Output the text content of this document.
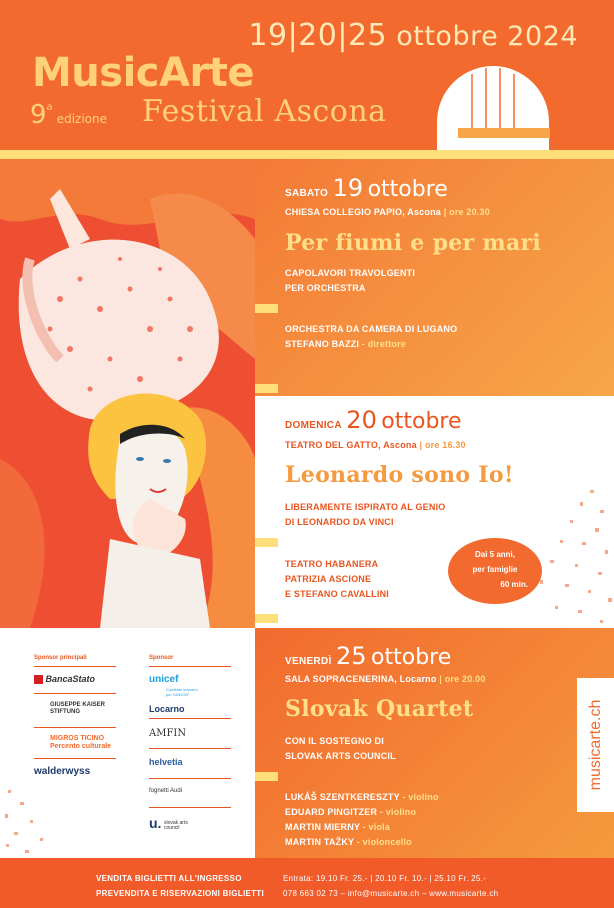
19|20|25 ottobre 2024
MusicArte
9$^a$edizione Festival Ascona
SABATO 19 ottobre
CHIESA COLLEGIO PAPIO, Ascona | ore 20.30
Per fiumi e per mari
CAPOLAVORI TRAVOLGENTI
PER ORCHESTRA
ORCHESTRA DA CAMERA DI LUGANO
STEFANO BAZZI - direttore
DOMENICA 20 ottobre
TEATRO DEL GATTO, Ascona | ore 16.30
Leonardo sono Io!
LIBERAMENTE ISPIRATO AL GENIO
DI LEONARDO DA VINCI
TEATRO HABANERA
PATRIZIA ASCIONE
E STEFANO CAVALLINI
Dai 5 anni,
per famiglie
60 min.
VENERDÌ 25 ottobre
SALA SOPRACENERINA, Locarno | ore 20.00
Slovak Quartet
CON IL SOSTEGNO DI
SLOVAK ARTS COUNCIL
LUKÁŠ SZENTKERESZTY - violino
EDUARD PINGITZER - violino
MARTIN MIERNY - viola
MARTIN TAŽKY - violoncello
musicarte.ch
Sponsor principali	Sponsor
BancaStato
GIUSEPPE KAISER STIFTUNG
MIGROS TICINO Percento culturale
walderwyss
unicef
Comitato svizzero per l'UNICEF
Locarno
AMFIN
helvetia
fognetti Audi
u. slovak arts council
VENDITA BIGLIETTI ALL'INGRESSO
PREVENDITA E RISERVAZIONI BIGLIETTI
Entrata: 19.10 Fr. 25.- | 20.10 Fr. 10.- | 25.10 Fr. 25.-
078 663 02 73 – info@musicarte.ch – www.musicarte.ch
